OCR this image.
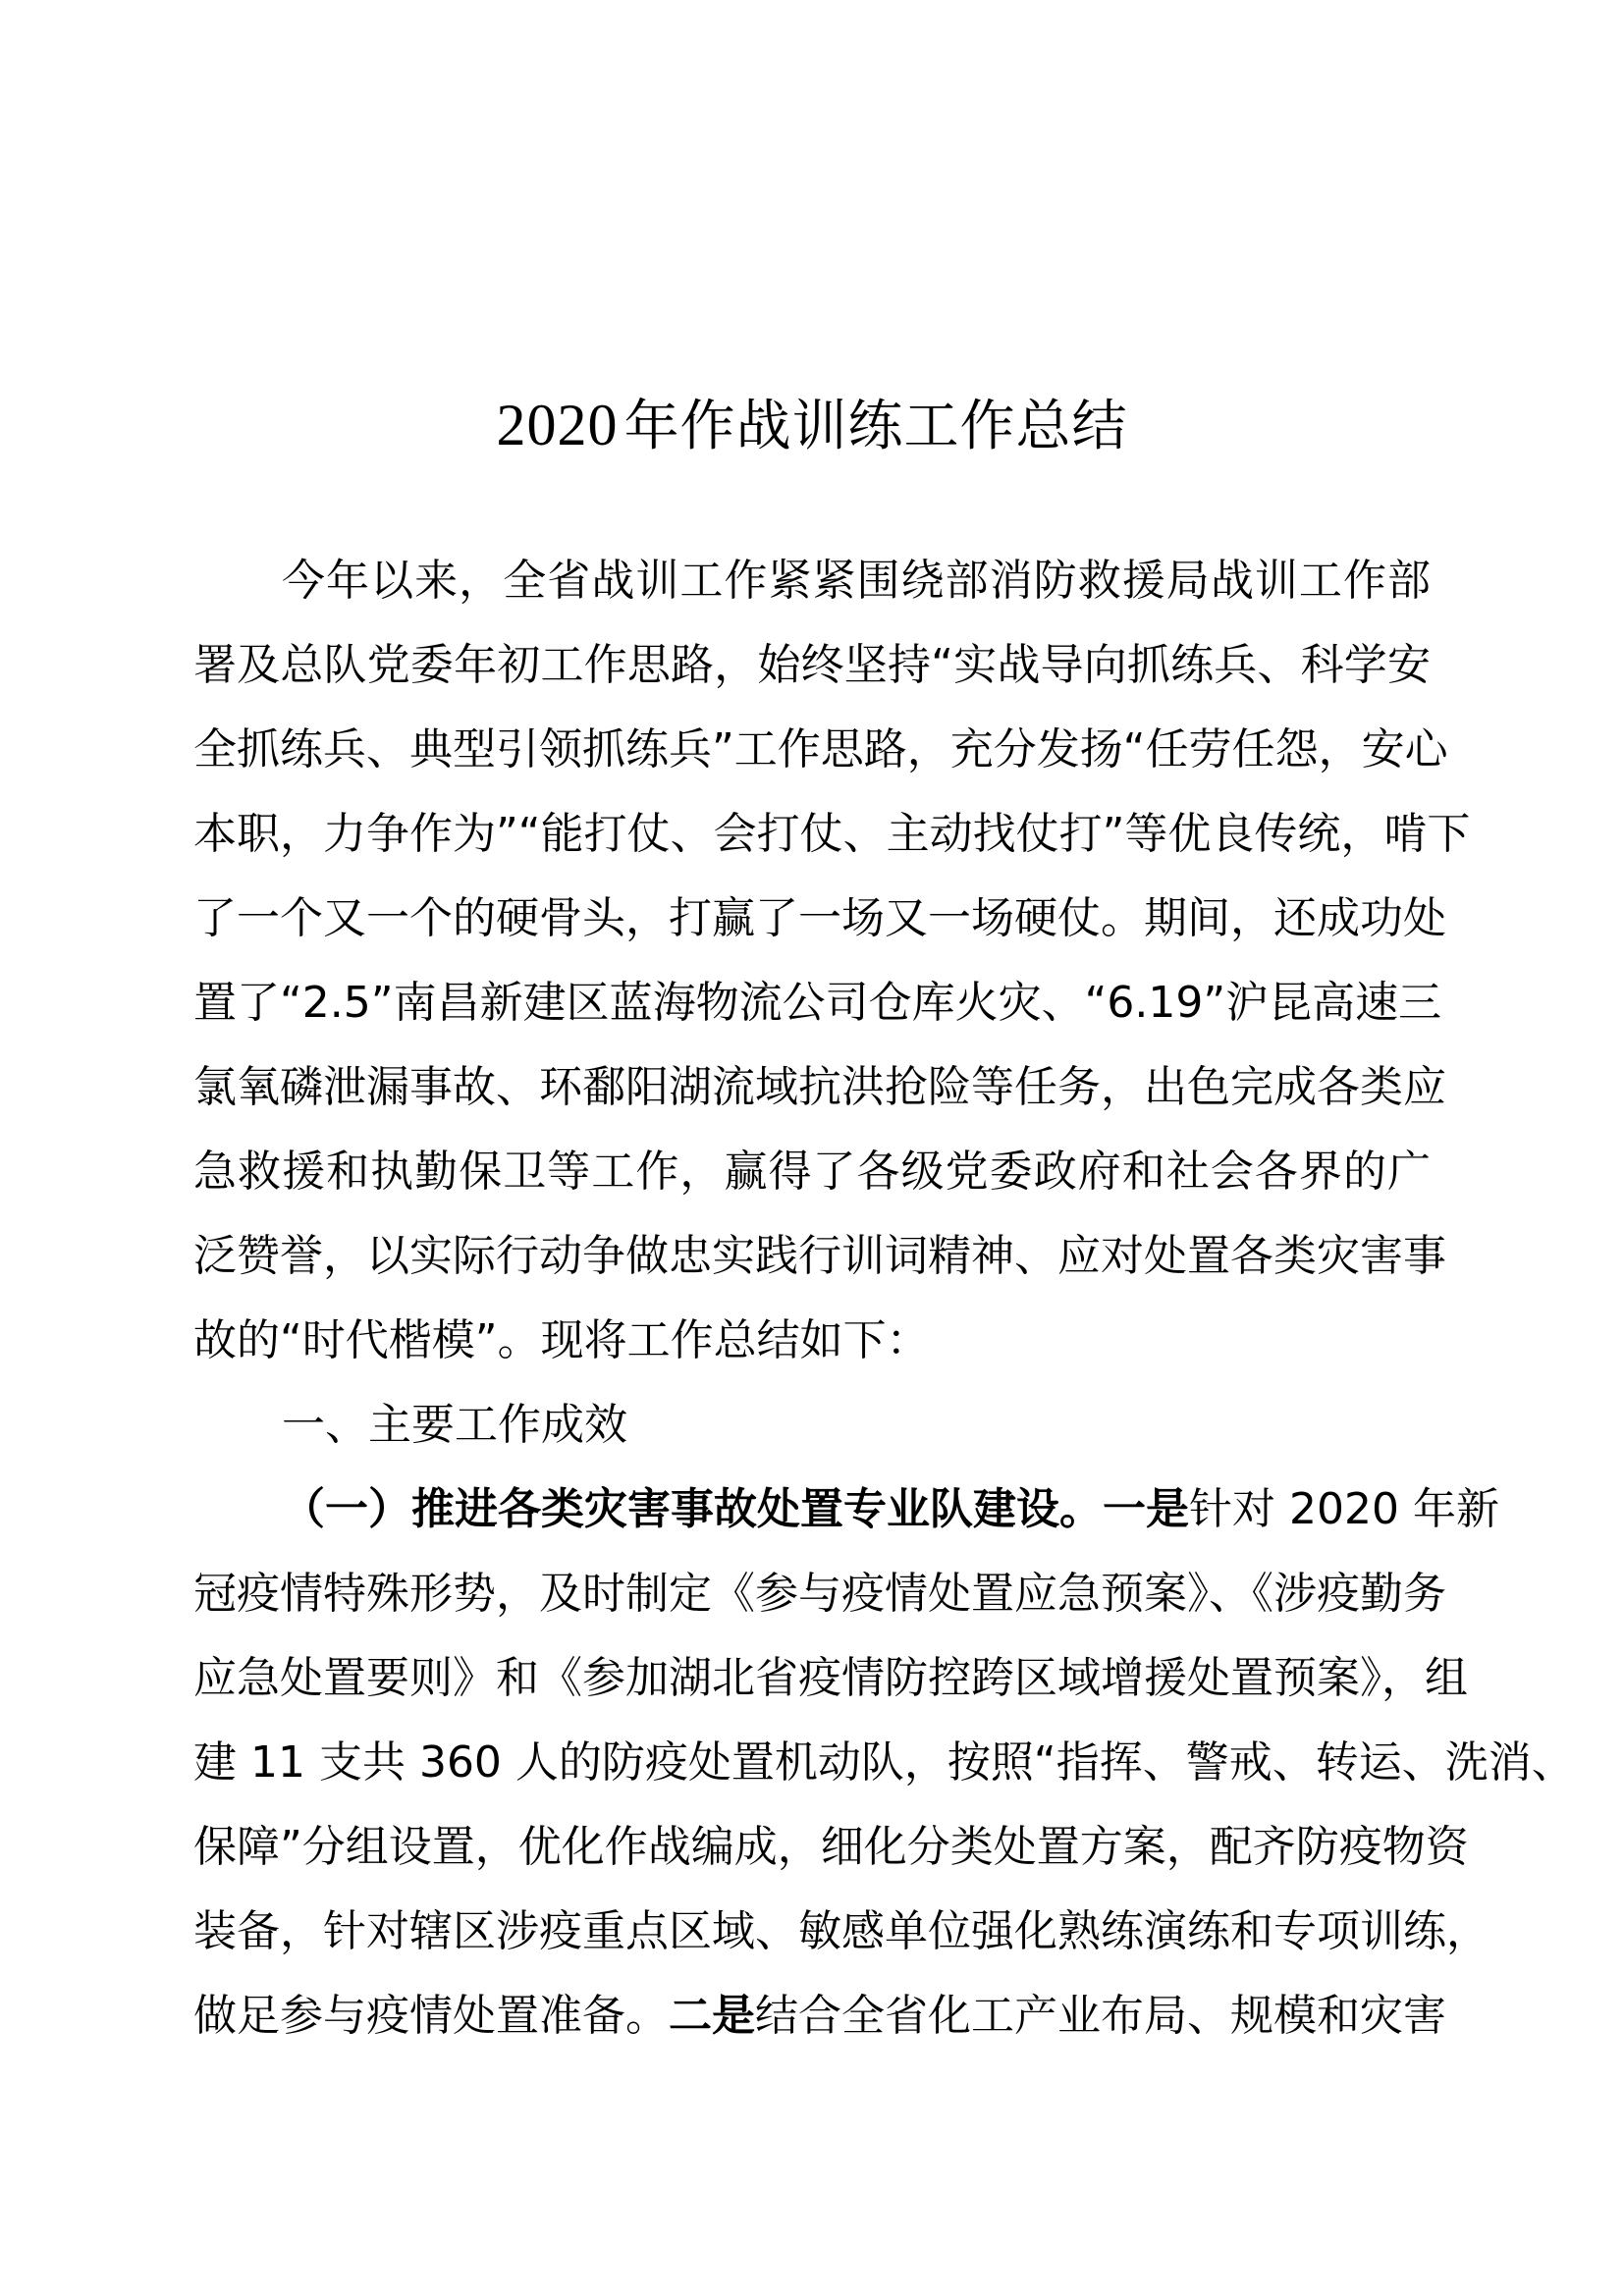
2020 年作战训练工作总结
今年以来，全省战训工作紧紧围绕部消防救援局战训工作部
署及总队党委年初工作思路，始终坚持“实战导向抓练兵、科学安
全抓练兵、典型引领抓练兵”工作思路，充分发扬“任劳任怨，安心
本职，力争作为”“能打仗、会打仗、主动找仗打”等优良传统，啃下
了一个又一个的硬骨头，打赢了一场又一场硬仗。期间，还成功处
置了“2.5”南昌新建区蓝海物流公司仓库火灾、“6.19”沪昆高速三
氯氧磷泄漏事故、环鄱阳湖流域抗洪抢险等任务，出色完成各类应
急救援和执勤保卫等工作，赢得了各级党委政府和社会各界的广
泛赞誉，以实际行动争做忠实践行训词精神、应对处置各类灾害事
故的“时代楷模”。现将工作总结如下：
一、主要工作成效
（一）推进各类灾害事故处置专业队建设。一是针对 2020 年新
冠疫情特殊形势，及时制定《参与疫情处置应急预案》、《涉疫勤务
应急处置要则》和《参加湖北省疫情防控跨区域增援处置预案》，组
建 11 支共 360 人的防疫处置机动队，按照“指挥、警戒、转运、洗消、
保障”分组设置，优化作战编成，细化分类处置方案，配齐防疫物资
装备，针对辖区涉疫重点区域、敏感单位强化熟练演练和专项训练，
做足参与疫情处置准备。二是结合全省化工产业布局、规模和灾害
